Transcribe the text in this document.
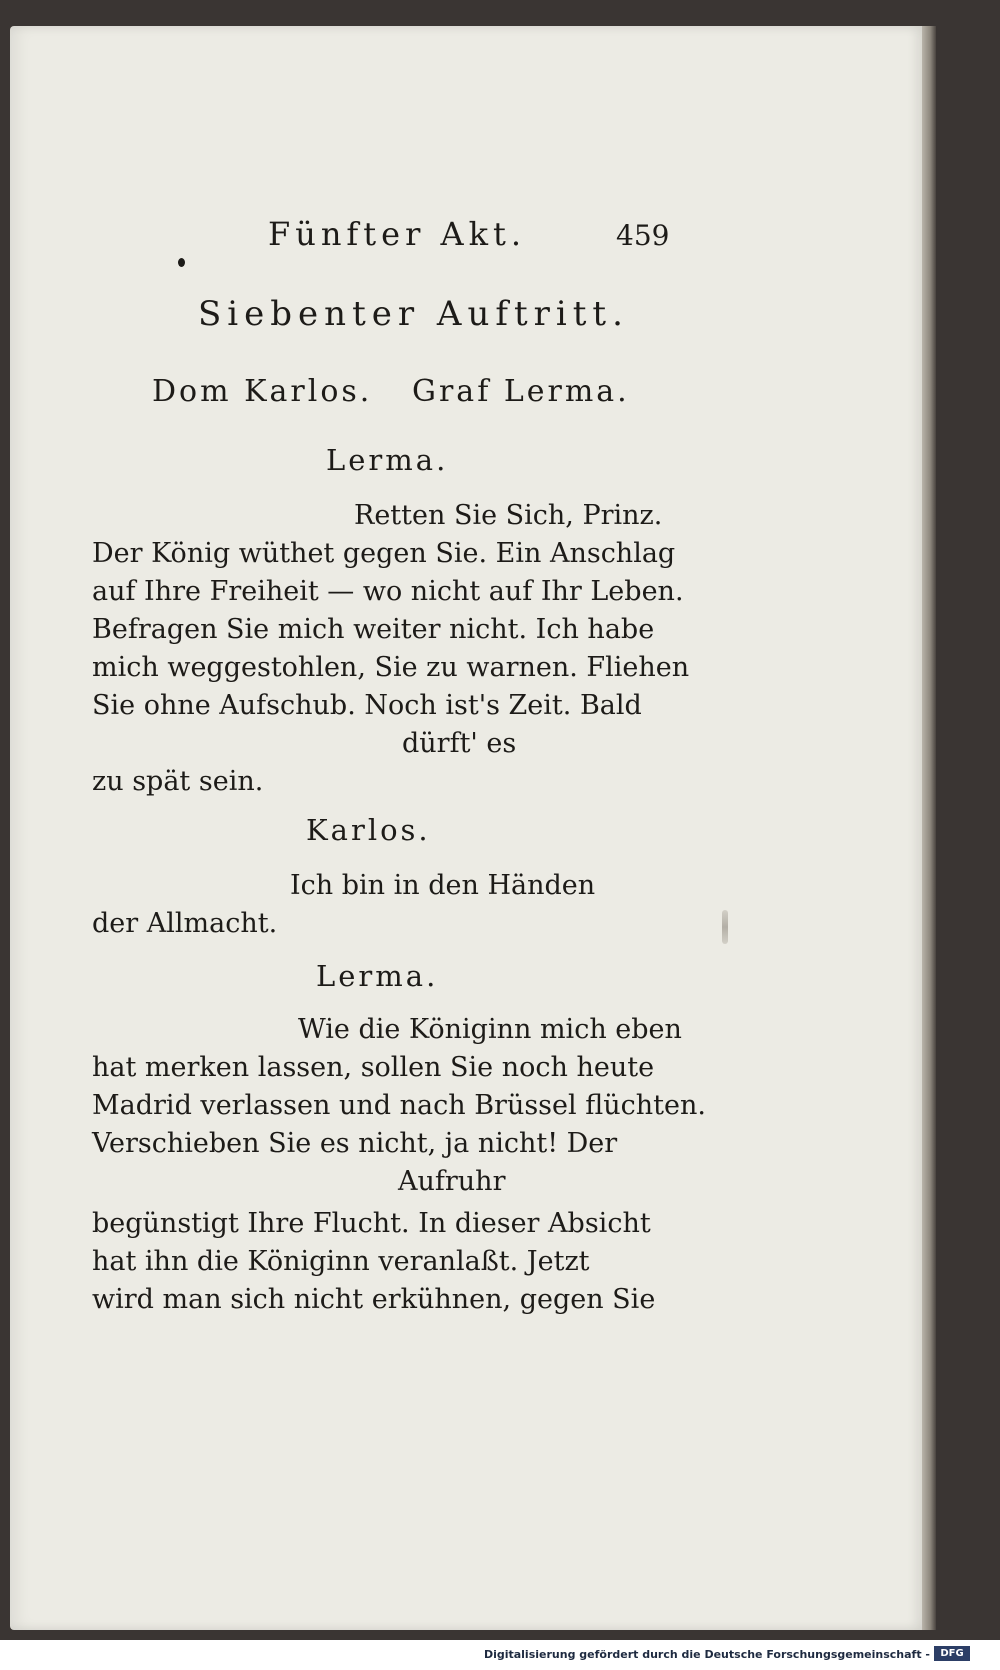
Fünfter Akt.	459
Siebenter Auftritt.
Dom Karlos. Graf Lerma.
Lerma.
Retten Sie Sich, Prinz.
Der König wüthet gegen Sie. Ein Anschlag
auf Ihre Freiheit — wo nicht auf Ihr Leben.
Befragen Sie mich weiter nicht. Ich habe
mich weggestohlen, Sie zu warnen. Fliehen
Sie ohne Aufschub. Noch ist's Zeit. Bald
dürft' es
zu spät sein.
Karlos.
Ich bin in den Händen
der Allmacht.
Lerma.
Wie die Königinn mich eben
hat merken lassen, sollen Sie noch heute
Madrid verlassen und nach Brüssel flüchten.
Verschieben Sie es nicht, ja nicht! Der
Aufruhr
begünstigt Ihre Flucht. In dieser Absicht
hat ihn die Königinn veranlaßt. Jetzt
wird man sich nicht erkühnen, gegen Sie
Digitalisierung gefördert durch die Deutsche Forschungsgemeinschaft -	DFG
